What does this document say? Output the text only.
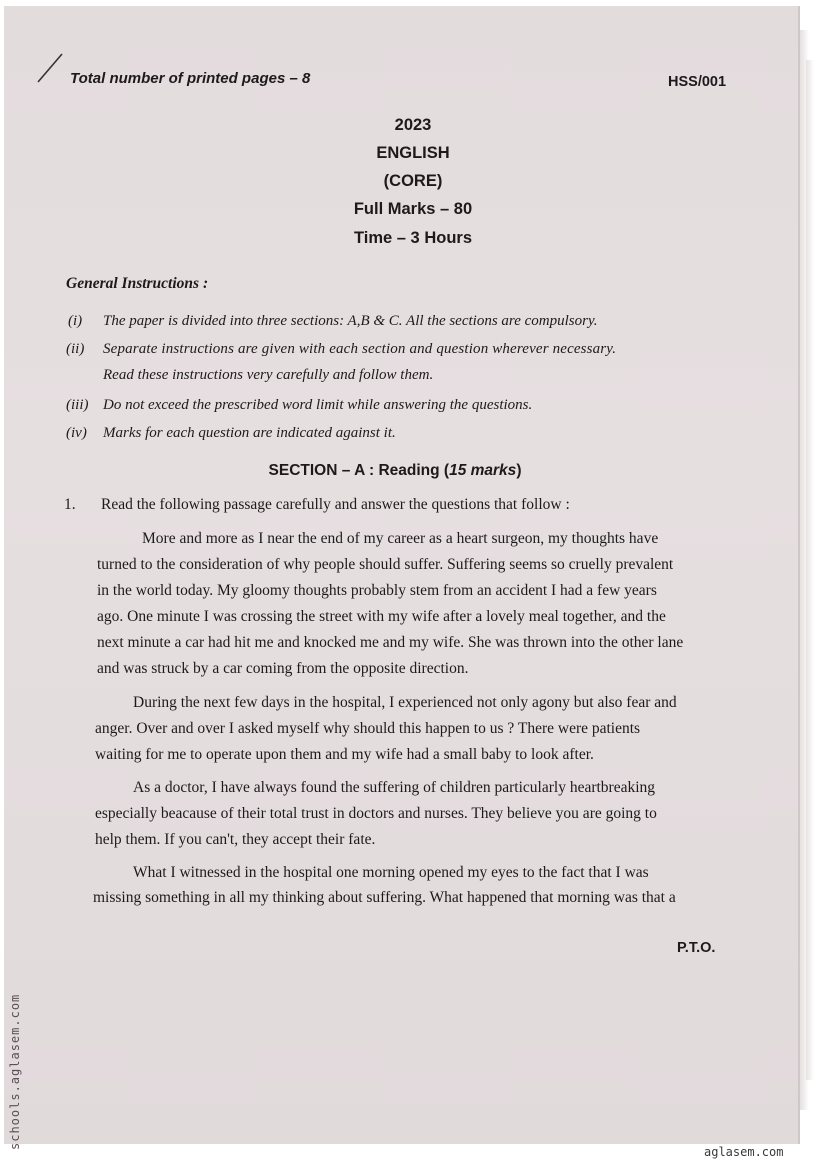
Total number of printed pages – 8	HSS/001
2023
ENGLISH
(CORE)
Full Marks – 80
Time – 3 Hours
General Instructions :
(i) The paper is divided into three sections: A,B & C. All the sections are compulsory.
(ii) Separate instructions are given with each section and question wherever necessary.
Read these instructions very carefully and follow them.
(iii) Do not exceed the prescribed word limit while answering the questions.
(iv) Marks for each question are indicated against it.
SECTION – A : Reading (15 marks)
1. Read the following passage carefully and answer the questions that follow :
More and more as I near the end of my career as a heart surgeon, my thoughts have
turned to the consideration of why people should suffer. Suffering seems so cruelly prevalent
in the world today. My gloomy thoughts probably stem from an accident I had a few years
ago. One minute I was crossing the street with my wife after a lovely meal together, and the
next minute a car had hit me and knocked me and my wife. She was thrown into the other lane
and was struck by a car coming from the opposite direction.
During the next few days in the hospital, I experienced not only agony but also fear and
anger. Over and over I asked myself why should this happen to us ? There were patients
waiting for me to operate upon them and my wife had a small baby to look after.
As a doctor, I have always found the suffering of children particularly heartbreaking
especially beacause of their total trust in doctors and nurses. They believe you are going to
help them. If you can't, they accept their fate.
What I witnessed in the hospital one morning opened my eyes to the fact that I was
missing something in all my thinking about suffering. What happened that morning was that a
P.T.O.
schools.aglasem.com
aglasem.com
